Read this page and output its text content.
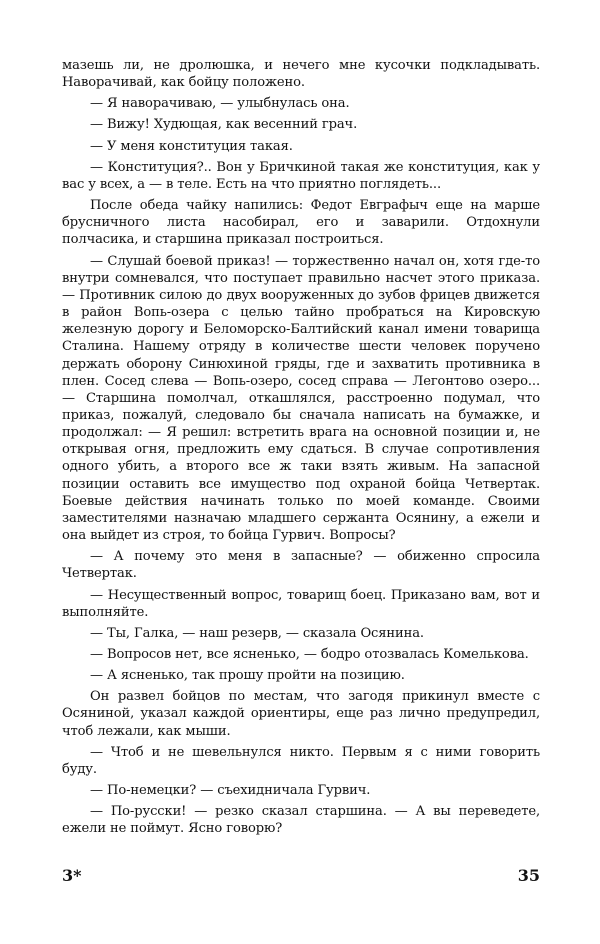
мазешь ли, не дролюшка, и нечего мне кусочки подкладывать. Наворачивай, как бойцу положено.

— Я наворачиваю, — улыбнулась она.

— Вижу! Худющая, как весенний грач.

— У меня конституция такая.

— Конституция?.. Вон у Бричкиной такая же конституция, как у вас у всех, а — в теле. Есть на что приятно поглядеть...

После обеда чайку напились: Федот Евграфыч еще на марше брусничного листа насобирал, его и заварили. Отдохнули полчасика, и старшина приказал построиться.

— Слушай боевой приказ! — торжественно начал он, хотя где-то внутри сомневался, что поступает правильно насчет этого приказа. — Противник силою до двух вооруженных до зубов фрицев движется в район Вопь-озера с целью тайно пробраться на Кировскую железную дорогу и Беломорско-Балтийский канал имени товарища Сталина. Нашему отряду в количестве шести человек поручено держать оборону Синюхиной гряды, где и захватить противника в плен. Сосед слева — Вопь-озеро, сосед справа — Легонтово озеро... — Старшина помолчал, откашлялся, расстроенно подумал, что приказ, пожалуй, следовало бы сначала написать на бумажке, и продолжал: — Я решил: встретить врага на основной позиции и, не открывая огня, предложить ему сдаться. В случае сопротивления одного убить, а второго все ж таки взять живым. На запасной позиции оставить все имущество под охраной бойца Четвертак. Боевые действия начинать только по моей команде. Своими заместителями назначаю младшего сержанта Осянину, а ежели и она выйдет из строя, то бойца Гурвич. Вопросы?

— А почему это меня в запасные? — обиженно спросила Четвертак.

— Несущественный вопрос, товарищ боец. Приказано вам, вот и выполняйте.

— Ты, Галка, — наш резерв, — сказала Осянина.

— Вопросов нет, все ясненько, — бодро отозвалась Комелькова.

— А ясненько, так прошу пройти на позицию.

Он развел бойцов по местам, что загодя прикинул вместе с Осяниной, указал каждой ориентиры, еще раз лично предупредил, чтоб лежали, как мыши.

— Чтоб и не шевельнулся никто. Первым я с ними говорить буду.

— По-немецки? — съехидничала Гурвич.

— По-русски! — резко сказал старшина. — А вы переведете, ежели не поймут. Ясно говорю?

3*	35
